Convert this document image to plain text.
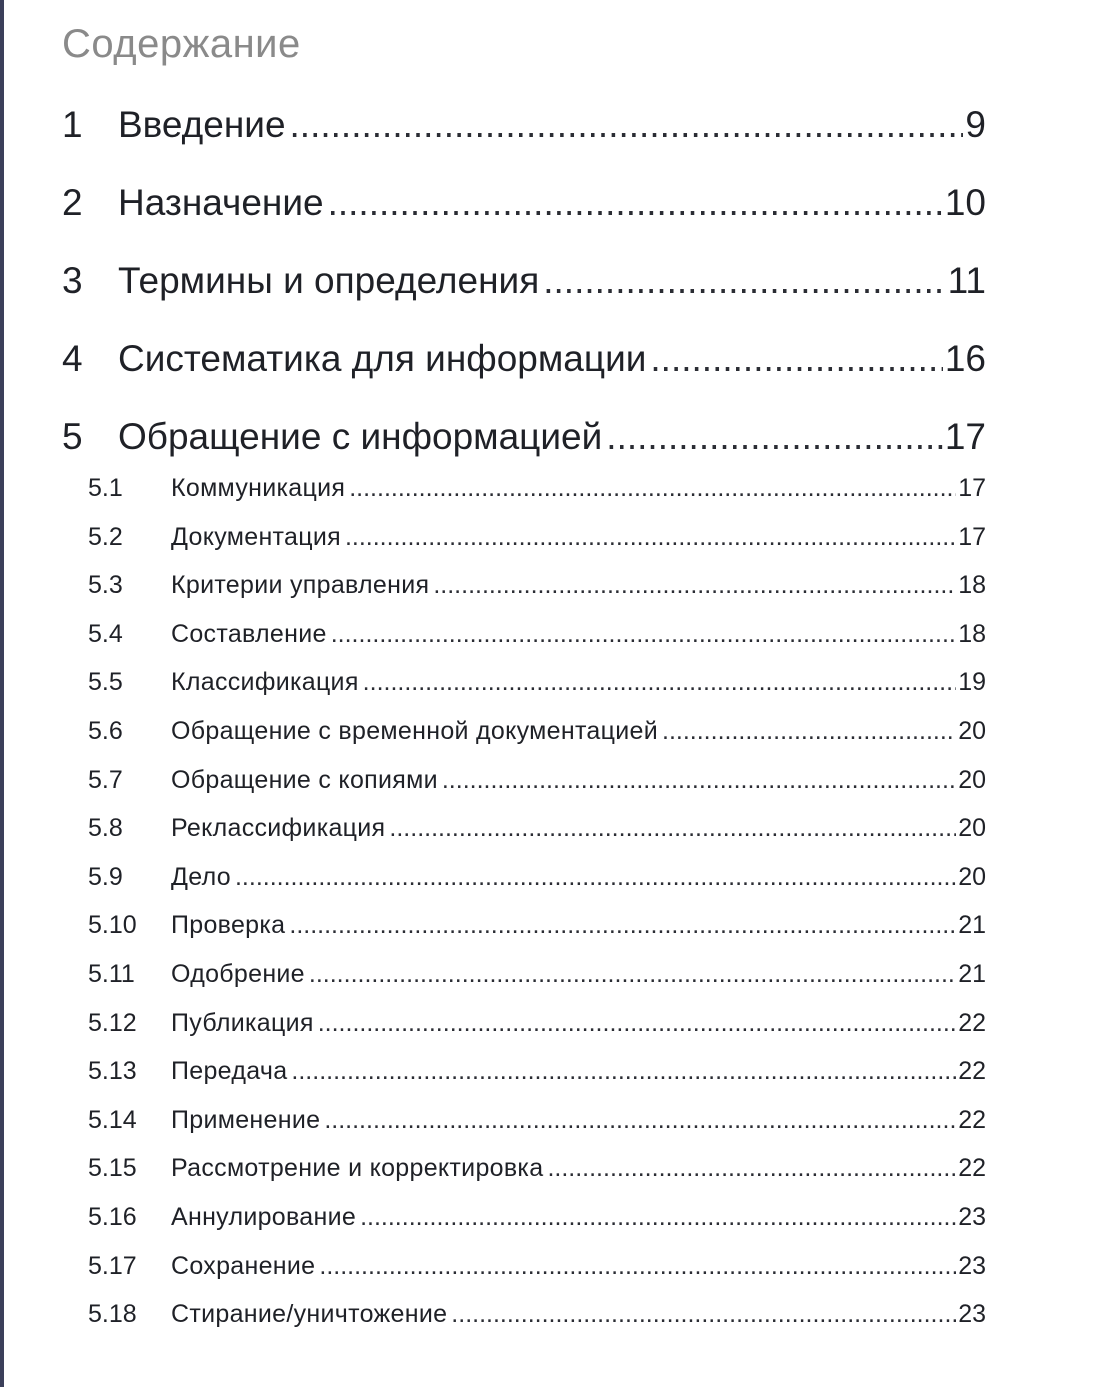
Содержание
1 Введение .....	9
2 Назначение .....	10
3 Термины и определения .....	11
4 Систематика для информации .....	16
5 Обращение с информацией .....	17
5.1	Коммуникация .....	17
5.2	Документация .....	17
5.3	Критерии управления .....	18
5.4	Составление .....	18
5.5	Классификация .....	19
5.6	Обращение с временной документацией .....	20
5.7	Обращение с копиями .....	20
5.8	Реклассификация .....	20
5.9	Дело .....	20
5.10	Проверка .....	21
5.11	Одобрение .....	21
5.12	Публикация .....	22
5.13	Передача .....	22
5.14	Применение .....	22
5.15	Рассмотрение и корректировка .....	22
5.16	Аннулирование .....	23
5.17	Сохранение .....	23
5.18	Стирание/уничтожение .....	23
